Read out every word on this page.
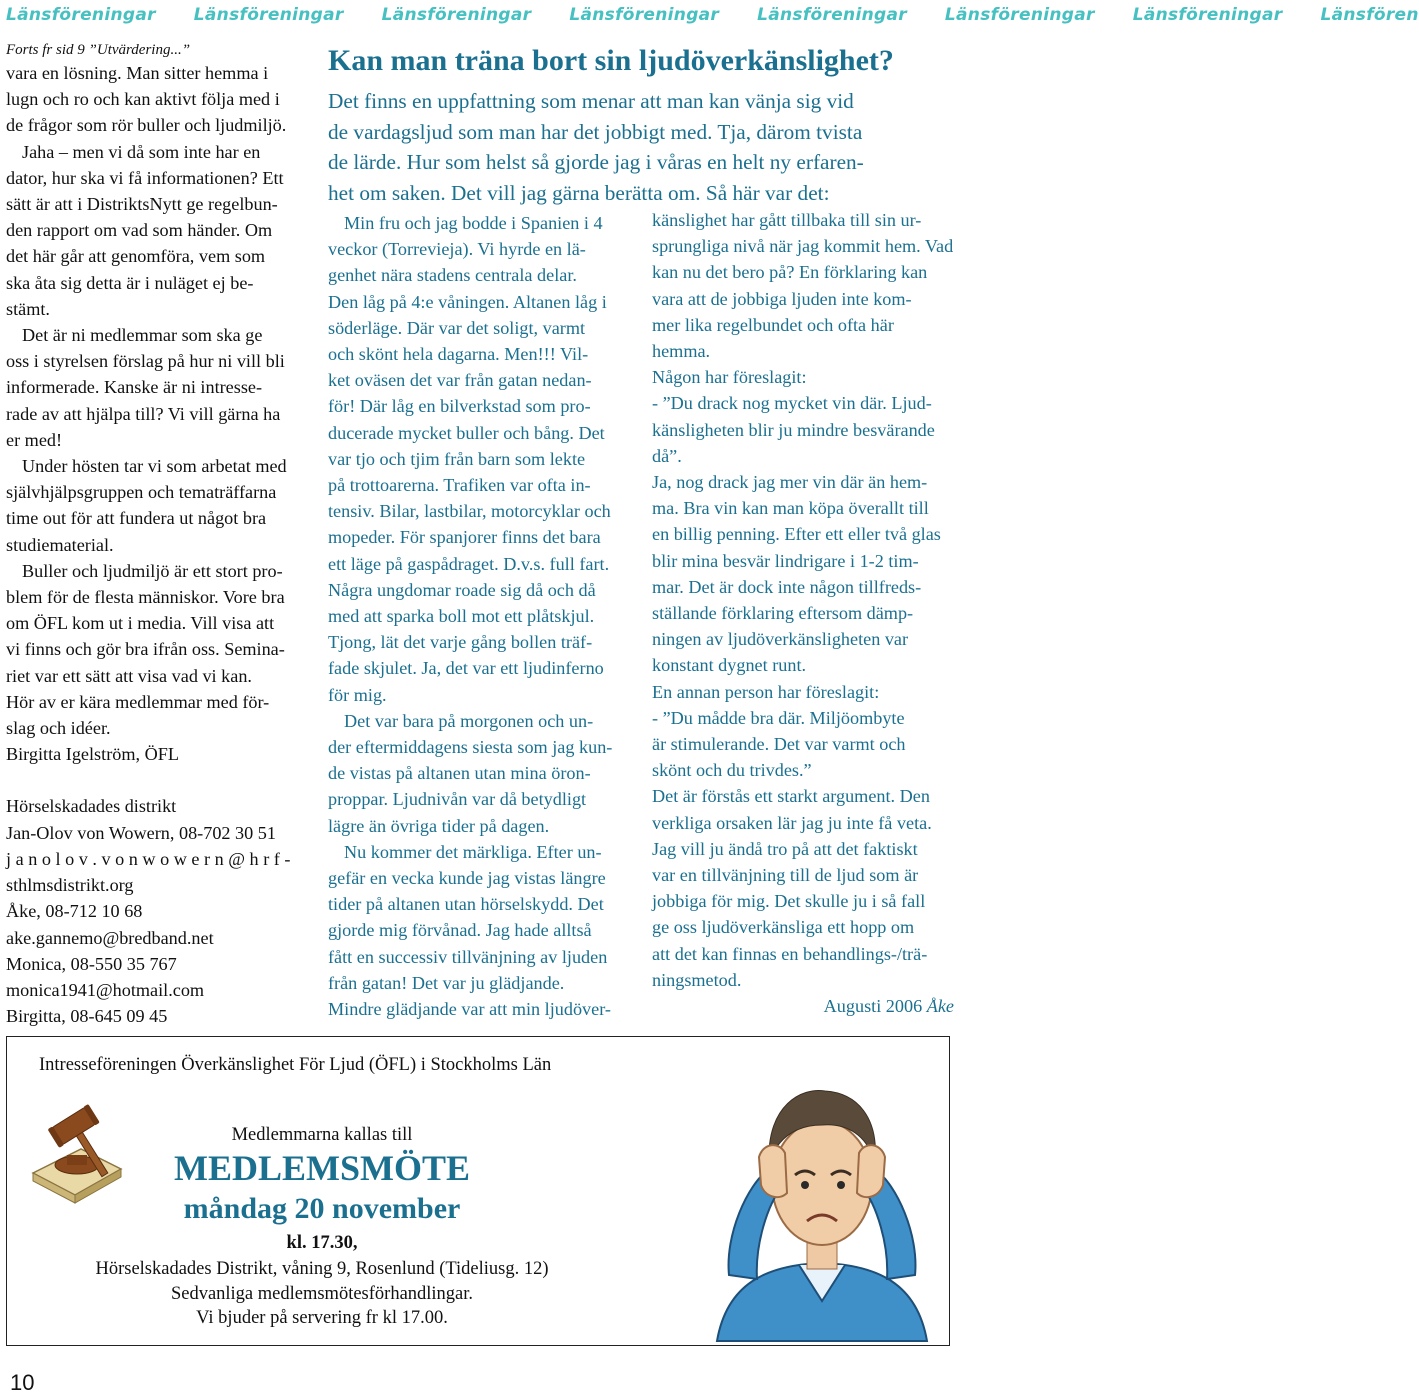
Länsföreningar Länsföreningar Länsföreningar Länsföreningar Länsföreningar Länsföreningar Länsföreningar Länsfören

Forts fr sid 9 ”Utvärdering...”

vara en lösning. Man sitter hemma i
lugn och ro och kan aktivt följa med i
de frågor som rör buller och ljudmiljö.

Jaha – men vi då som inte har en
dator, hur ska vi få informationen? Ett
sätt är att i DistriktsNytt ge regelbun-
den rapport om vad som händer. Om
det här går att genomföra, vem som
ska åta sig detta är i nuläget ej be-
stämt.

Det är ni medlemmar som ska ge
oss i styrelsen förslag på hur ni vill bli
informerade. Kanske är ni intresse-
rade av att hjälpa till? Vi vill gärna ha
er med!

Under hösten tar vi som arbetat med
självhjälpsgruppen och tematräffarna
time out för att fundera ut något bra
studiematerial.

Buller och ljudmiljö är ett stort pro-
blem för de flesta människor. Vore bra
om ÖFL kom ut i media. Vill visa att
vi finns och gör bra ifrån oss. Semina-
riet var ett sätt att visa vad vi kan.
Hör av er kära medlemmar med för-
slag och idéer.

Birgitta Igelström, ÖFL

Hörselskadades distrikt
Jan-Olov von Wowern, 08-702 30 51
j a n o l o v . v o n w o w e r n @ h r f -
sthlmsdistrikt.org
Åke, 08-712 10 68
ake.gannemo@bredband.net
Monica, 08-550 35 767
monica1941@hotmail.com
Birgitta, 08-645 09 45

Kan man träna bort sin ljudöverkänslighet?
Det finns en uppfattning som menar att man kan vänja sig vid
de vardagsljud som man har det jobbigt med. Tja, därom tvista
de lärde. Hur som helst så gjorde jag i våras en helt ny erfaren-
het om saken. Det vill jag gärna berätta om. Så här var det:

Min fru och jag bodde i Spanien i 4
veckor (Torrevieja). Vi hyrde en lä-
genhet nära stadens centrala delar.
Den låg på 4:e våningen. Altanen låg i
söderläge. Där var det soligt, varmt
och skönt hela dagarna. Men!!! Vil-
ket oväsen det var från gatan nedan-
för! Där låg en bilverkstad som pro-
ducerade mycket buller och bång. Det
var tjo och tjim från barn som lekte
på trottoarerna. Trafiken var ofta in-
tensiv. Bilar, lastbilar, motorcyklar och
mopeder. För spanjorer finns det bara
ett läge på gaspådraget. D.v.s. full fart.
Några ungdomar roade sig då och då
med att sparka boll mot ett plåtskjul.
Tjong, lät det varje gång bollen träf-
fade skjulet. Ja, det var ett ljudinferno
för mig.

Det var bara på morgonen och un-
der eftermiddagens siesta som jag kun-
de vistas på altanen utan mina öron-
proppar. Ljudnivån var då betydligt
lägre än övriga tider på dagen.

Nu kommer det märkliga. Efter un-
gefär en vecka kunde jag vistas längre
tider på altanen utan hörselskydd. Det
gjorde mig förvånad. Jag hade alltså
fått en successiv tillvänjning av ljuden
från gatan! Det var ju glädjande.
Mindre glädjande var att min ljudöver-

känslighet har gått tillbaka till sin ur-
sprungliga nivå när jag kommit hem. Vad
kan nu det bero på? En förklaring kan
vara att de jobbiga ljuden inte kom-
mer lika regelbundet och ofta här
hemma.

Någon har föreslagit:
- ”Du drack nog mycket vin där. Ljud-
känsligheten blir ju mindre besvärande
då”.

Ja, nog drack jag mer vin där än hem-
ma. Bra vin kan man köpa överallt till
en billig penning. Efter ett eller två glas
blir mina besvär lindrigare i 1-2 tim-
mar. Det är dock inte någon tillfreds-
ställande förklaring eftersom dämp-
ningen av ljudöverkänsligheten var
konstant dygnet runt.

En annan person har föreslagit:
- ”Du mådde bra där. Miljöombyte
är stimulerande. Det var varmt och
skönt och du trivdes.”

Det är förstås ett starkt argument. Den
verkliga orsaken lär jag ju inte få veta.
Jag vill ju ändå tro på att det faktiskt
var en tillvänjning till de ljud som är
jobbiga för mig. Det skulle ju i så fall
ge oss ljudöverkänsliga ett hopp om
att det kan finnas en behandlings-/trä-
ningsmetod.

Augusti 2006 Åke

Intresseföreningen Överkänslighet För Ljud (ÖFL) i Stockholms Län
Medlemmarna kallas till
MEDLEMSMÖTE
måndag 20 november
kl. 17.30,
Hörselskadades Distrikt, våning 9, Rosenlund (Tideliusg. 12)
Sedvanliga medlemsmötesförhandlingar.
Vi bjuder på servering fr kl 17.00.
10
